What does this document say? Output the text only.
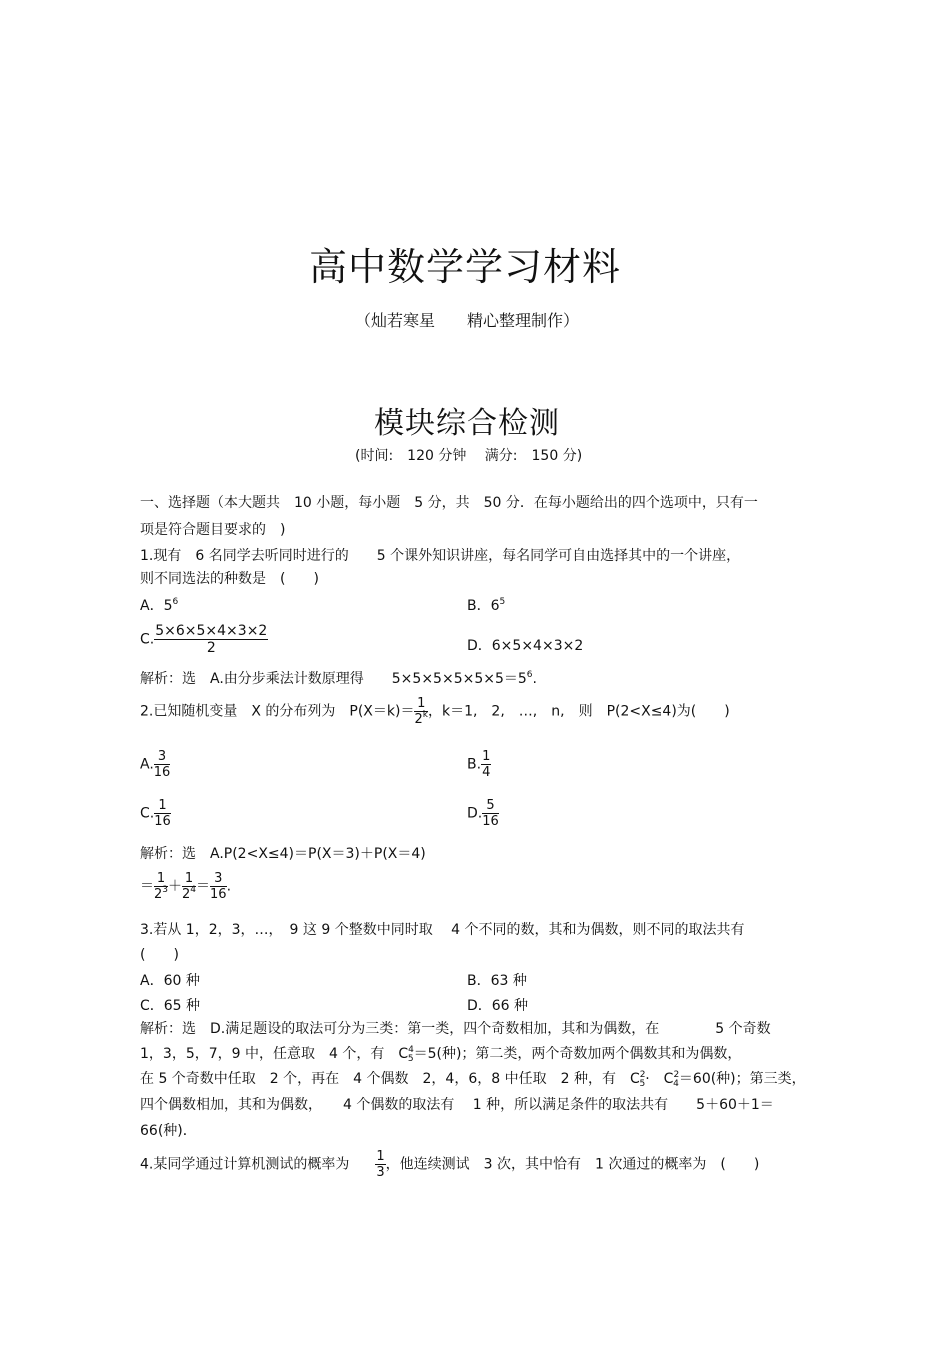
高中数学学习材料
（灿若寒星　　精心整理制作）
模块综合检测
(时间:　120 分钟　 满分:　150 分)
一、选择题（本大题共　10 小题，每小题　5 分，共　50 分．在每小题给出的四个选项中，只有一
项是符合题目要求的　)
1.现有　6 名同学去听同时进行的　　5 个课外知识讲座，每名同学可自由选择其中的一个讲座，
则不同选法的种数是　(　　)
A．$5^6$	B．$6^5$
C. $\frac{5\times 6\times 5\times 4\times 3\times 2}{2}$	D．6×5×4×3×2
解析：选　A.由分步乘法计数原理得　　$5\times 5\times 5\times 5\times 5\times 5=5^6$.
2.已知随机变量　X 的分布列为　$P(X=k)= \frac{1}{2^k}$ ，k＝1,　2,　…,　n,　则　P(2<X≤4)为(　　)
A. $\frac{3}{16}$	B. $\frac{1}{4}$
C. $\frac{1}{16}$	D. $\frac{5}{16}$
解析：选　A.P(2<X≤4)＝P(X＝3)＋P(X＝4)
＝ $\frac{1}{2^3} + \frac{1}{2^4} = \frac{3}{16}$ .
3.若从 1，2，3，…，　9 这 9 个整数中同时取　 4 个不同的数，其和为偶数，则不同的取法共有
(　　)
A．60 种	B．63 种
C．65 种	D．66 种
解析：选　D.满足题设的取法可分为三类：第一类，四个奇数相加，其和为偶数，在　　　　5 个奇数
1，3，5，7，9 中，任意取　4 个，有　$C^4_5=5$(种)；第二类，两个奇数加两个偶数其和为偶数，
在 5 个奇数中任取　2 个，再在　4 个偶数　2，4，6，8 中任取　2 种，有　$C^2_5\cdot$　$C^2_4=60$(种)；第三类，
四个偶数相加，其和为偶数，　　4 个偶数的取法有　 1 种，所以满足条件的取法共有　　5＋60＋1＝
66(种)．
4.某同学通过计算机测试的概率为 $\frac{1}{3}$ ，他连续测试　3 次，其中恰有　1 次通过的概率为　(　　)
